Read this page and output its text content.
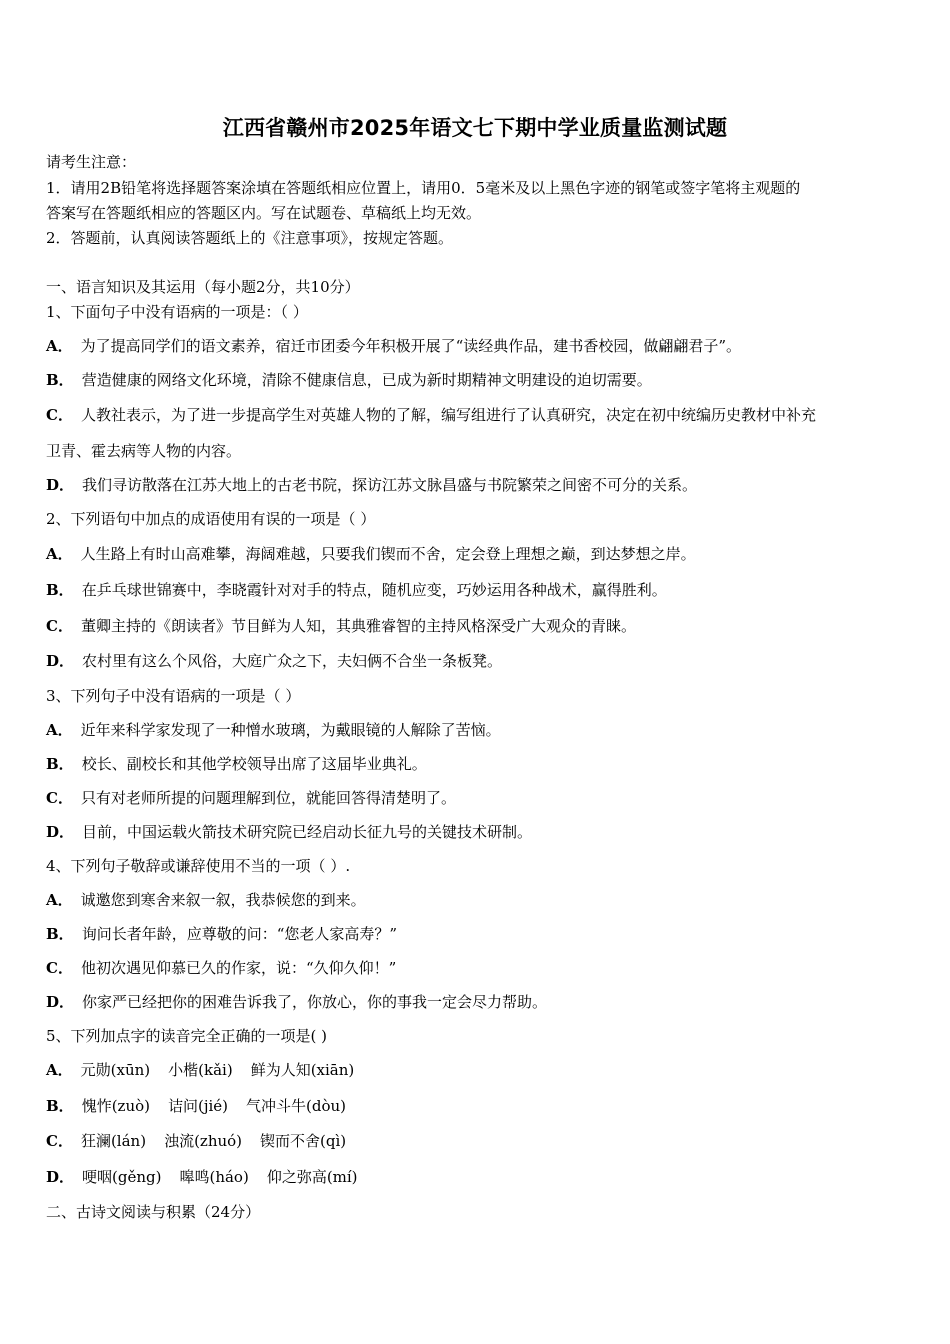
江西省赣州市2025年语文七下期中学业质量监测试题
请考生注意：
1．请用2B铅笔将选择题答案涂填在答题纸相应位置上，请用0．5毫米及以上黑色字迹的钢笔或签字笔将主观题的
答案写在答题纸相应的答题区内。写在试题卷、草稿纸上均无效。
2．答题前，认真阅读答题纸上的《注意事项》，按规定答题。
一、语言知识及其运用（每小题2分，共10分）
1、下面句子中没有语病的一项是：（ ）
A． 为了提高同学们的语文素养，宿迁市团委今年积极开展了“读经典作品，建书香校园，做翩翩君子”。
B． 营造健康的网络文化环境，清除不健康信息，已成为新时期精神文明建设的迫切需要。
C． 人教社表示，为了进一步提高学生对英雄人物的了解，编写组进行了认真研究，决定在初中统编历史教材中补充
卫青、霍去病等人物的内容。
D． 我们寻访散落在江苏大地上的古老书院，探访江苏文脉昌盛与书院繁荣之间密不可分的关系。
2、下列语句中加点的成语使用有误的一项是（ ）
A． 人生路上有时山高难攀，海阔难越，只要我们锲而不舍，定会登上理想之巅，到达梦想之岸。
B． 在乒乓球世锦赛中，李晓霞针对对手的特点，随机应变，巧妙运用各种战术，赢得胜利。
C． 董卿主持的《朗读者》节目鲜为人知，其典雅睿智的主持风格深受广大观众的青睐。
D． 农村里有这么个风俗，大庭广众之下，夫妇俩不合坐一条板凳。
3、下列句子中没有语病的一项是（ ）
A． 近年来科学家发现了一种憎水玻璃，为戴眼镜的人解除了苦恼。
B． 校长、副校长和其他学校领导出席了这届毕业典礼。
C． 只有对老师所提的问题理解到位，就能回答得清楚明了。
D． 目前，中国运载火箭技术研究院已经启动长征九号的关键技术研制。
4、下列句子敬辞或谦辞使用不当的一项（ ）.
A． 诚邀您到寒舍来叙一叙，我恭候您的到来。
B． 询问长者年龄，应尊敬的问：“您老人家高寿？”
C． 他初次遇见仰慕已久的作家，说：“久仰久仰！”
D． 你家严已经把你的困难告诉我了，你放心，你的事我一定会尽力帮助。
5、下列加点字的读音完全正确的一项是( )
A． 元勋(xūn) 小楷(kǎi) 鲜为人知(xiān)
B． 愧怍(zuò) 诘问(jié) 气冲斗牛(dòu)
C． 狂澜(lán) 浊流(zhuó) 锲而不舍(qì)
D． 哽咽(gěng) 嗥鸣(háo) 仰之弥高(mí)
二、古诗文阅读与积累（24分）
